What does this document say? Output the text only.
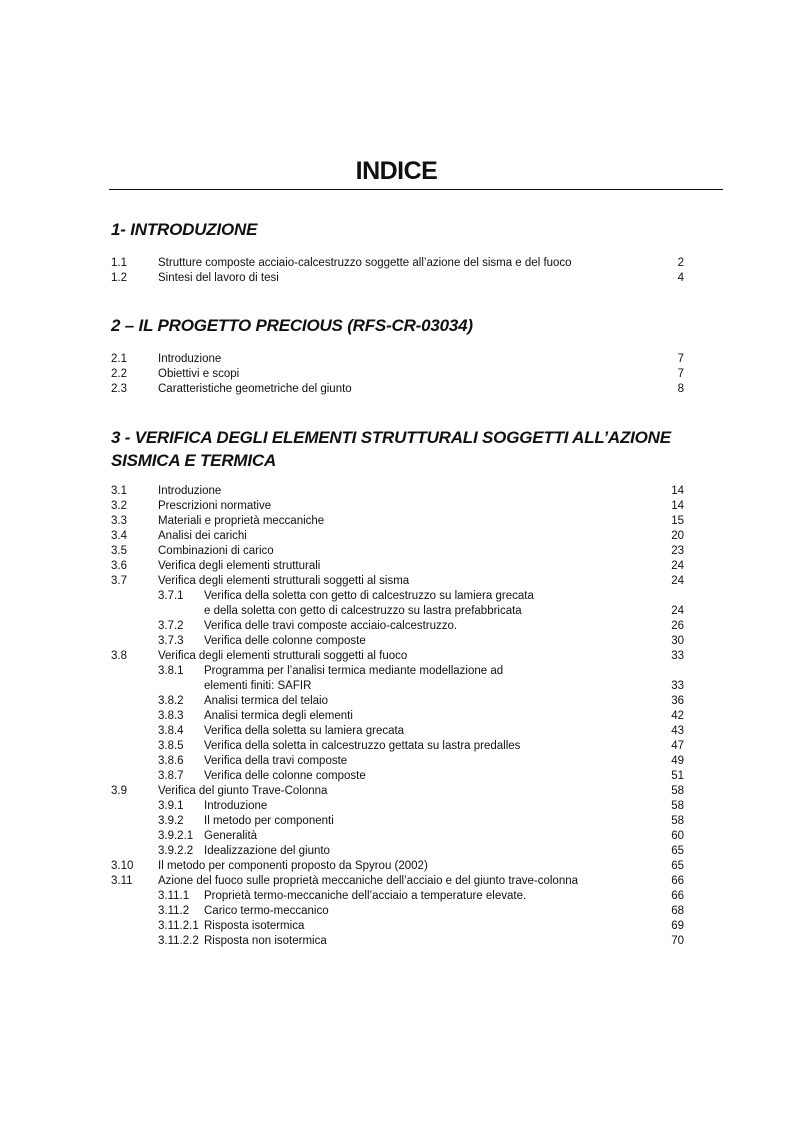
INDICE
1- INTRODUZIONE
1.1	Strutture composte acciaio-calcestruzzo soggette all’azione del sisma e del fuoco	2
1.2	Sintesi del lavoro di tesi	4
2 – IL PROGETTO PRECIOUS (RFS-CR-03034)
2.1	Introduzione	7
2.2	Obiettivi e scopi	7
2.3	Caratteristiche geometriche del giunto	8
3 - VERIFICA DEGLI ELEMENTI STRUTTURALI SOGGETTI ALL’AZIONE
SISMICA E TERMICA
3.1	Introduzione	14
3.2	Prescrizioni normative	14
3.3	Materiali e proprietà meccaniche	15
3.4	Analisi dei carichi	20
3.5	Combinazioni di carico	23
3.6	Verifica degli elementi strutturali	24
3.7	Verifica degli elementi strutturali soggetti al sisma	24
3.7.1 Verifica della soletta con getto di calcestruzzo su lamiera grecata
e della soletta con getto di calcestruzzo su lastra prefabbricata	24
3.7.2 Verifica delle travi composte acciaio-calcestruzzo.	26
3.7.3 Verifica delle colonne composte	30
3.8	Verifica degli elementi strutturali soggetti al fuoco	33
3.8.1 Programma per l’analisi termica mediante modellazione ad
elementi finiti: SAFIR	33
3.8.2 Analisi termica del telaio	36
3.8.3 Analisi termica degli elementi	42
3.8.4 Verifica della soletta su lamiera grecata	43
3.8.5 Verifica della soletta in calcestruzzo gettata su lastra predalles	47
3.8.6 Verifica della travi composte	49
3.8.7 Verifica delle colonne composte	51
3.9	Verifica del giunto Trave-Colonna	58
3.9.1 Introduzione	58
3.9.2 Il metodo per componenti	58
3.9.2.1 Generalità	60
3.9.2.2 Idealizzazione del giunto	65
3.10 Il metodo per componenti proposto da Spyrou (2002)	65
3.11 Azione del fuoco sulle proprietà meccaniche dell’acciaio e del giunto trave-colonna	66
3.11.1 Proprietà termo-meccaniche dell’acciaio a temperature elevate.	66
3.11.2 Carico termo-meccanico	68
3.11.2.1 Risposta isotermica	69
3.11.2.2 Risposta non isotermica	70
